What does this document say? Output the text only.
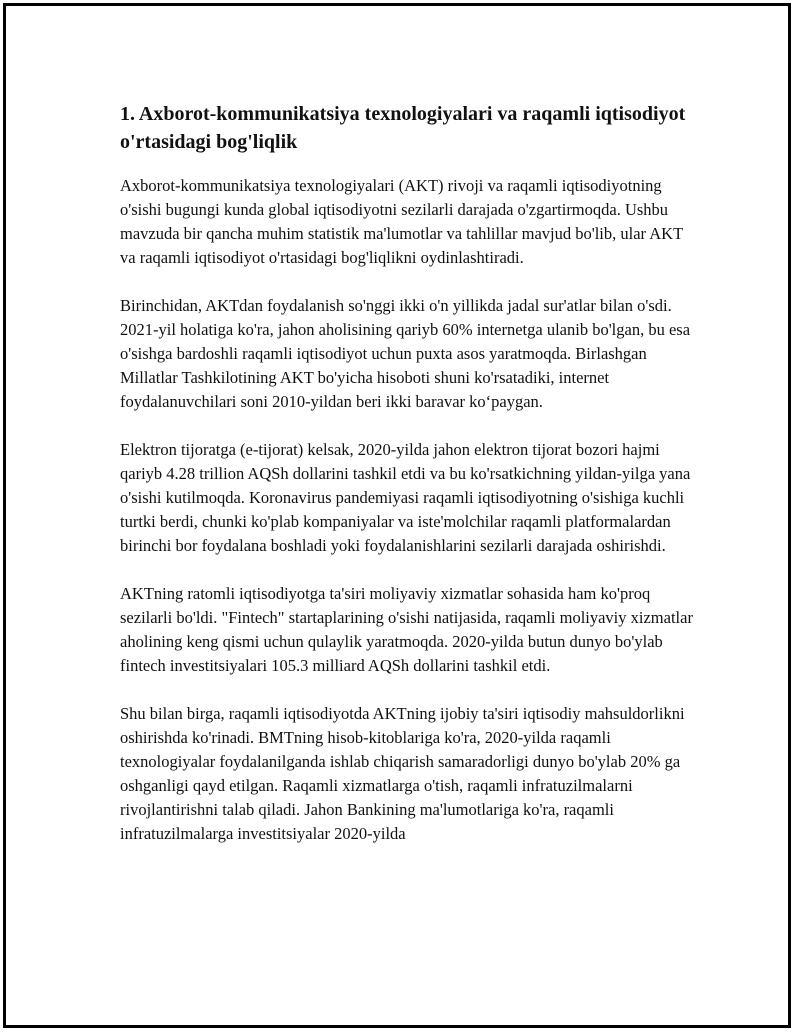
1. Axborot-kommunikatsiya texnologiyalari va raqamli iqtisodiyot o'rtasidagi bog'liqlik

Axborot-kommunikatsiya texnologiyalari (AKT) rivoji va raqamli iqtisodiyotning o'sishi bugungi kunda global iqtisodiyotni sezilarli darajada o'zgartirmoqda. Ushbu mavzuda bir qancha muhim statistik ma'lumotlar va tahlillar mavjud bo'lib, ular AKT va raqamli iqtisodiyot o'rtasidagi bog'liqlikni oydinlashtiradi.

Birinchidan, AKTdan foydalanish so'nggi ikki o'n yillikda jadal sur'atlar bilan o'sdi. 2021-yil holatiga ko'ra, jahon aholisining qariyb 60% internetga ulanib bo'lgan, bu esa o'sishga bardoshli raqamli iqtisodiyot uchun puxta asos yaratmoqda. Birlashgan Millatlar Tashkilotining AKT bo'yicha hisoboti shuni ko'rsatadiki, internet foydalanuvchilari soni 2010-yildan beri ikki baravar ko‘paygan.

Elektron tijoratga (e-tijorat) kelsak, 2020-yilda jahon elektron tijorat bozori hajmi qariyb 4.28 trillion AQSh dollarini tashkil etdi va bu ko'rsatkichning yildan-yilga yana o'sishi kutilmoqda. Koronavirus pandemiyasi raqamli iqtisodiyotning o'sishiga kuchli turtki berdi, chunki ko'plab kompaniyalar va iste'molchilar raqamli platformalardan birinchi bor foydalana boshladi yoki foydalanishlarini sezilarli darajada oshirishdi.

AKTning ratomli iqtisodiyotga ta'siri moliyaviy xizmatlar sohasida ham ko'proq sezilarli bo'ldi. "Fintech" startaplarining o'sishi natijasida, raqamli moliyaviy xizmatlar aholining keng qismi uchun qulaylik yaratmoqda. 2020-yilda butun dunyo bo'ylab fintech investitsiyalari 105.3 milliard AQSh dollarini tashkil etdi.

Shu bilan birga, raqamli iqtisodiyotda AKTning ijobiy ta'siri iqtisodiy mahsuldorlikni oshirishda ko'rinadi. BMTning hisob-kitoblariga ko'ra, 2020-yilda raqamli texnologiyalar foydalanilganda ishlab chiqarish samaradorligi dunyo bo'ylab 20% ga oshganligi qayd etilgan. Raqamli xizmatlarga o'tish, raqamli infratuzilmalarni rivojlantirishni talab qiladi. Jahon Bankining ma'lumotlariga ko'ra, raqamli infratuzilmalarga investitsiyalar 2020-yilda
